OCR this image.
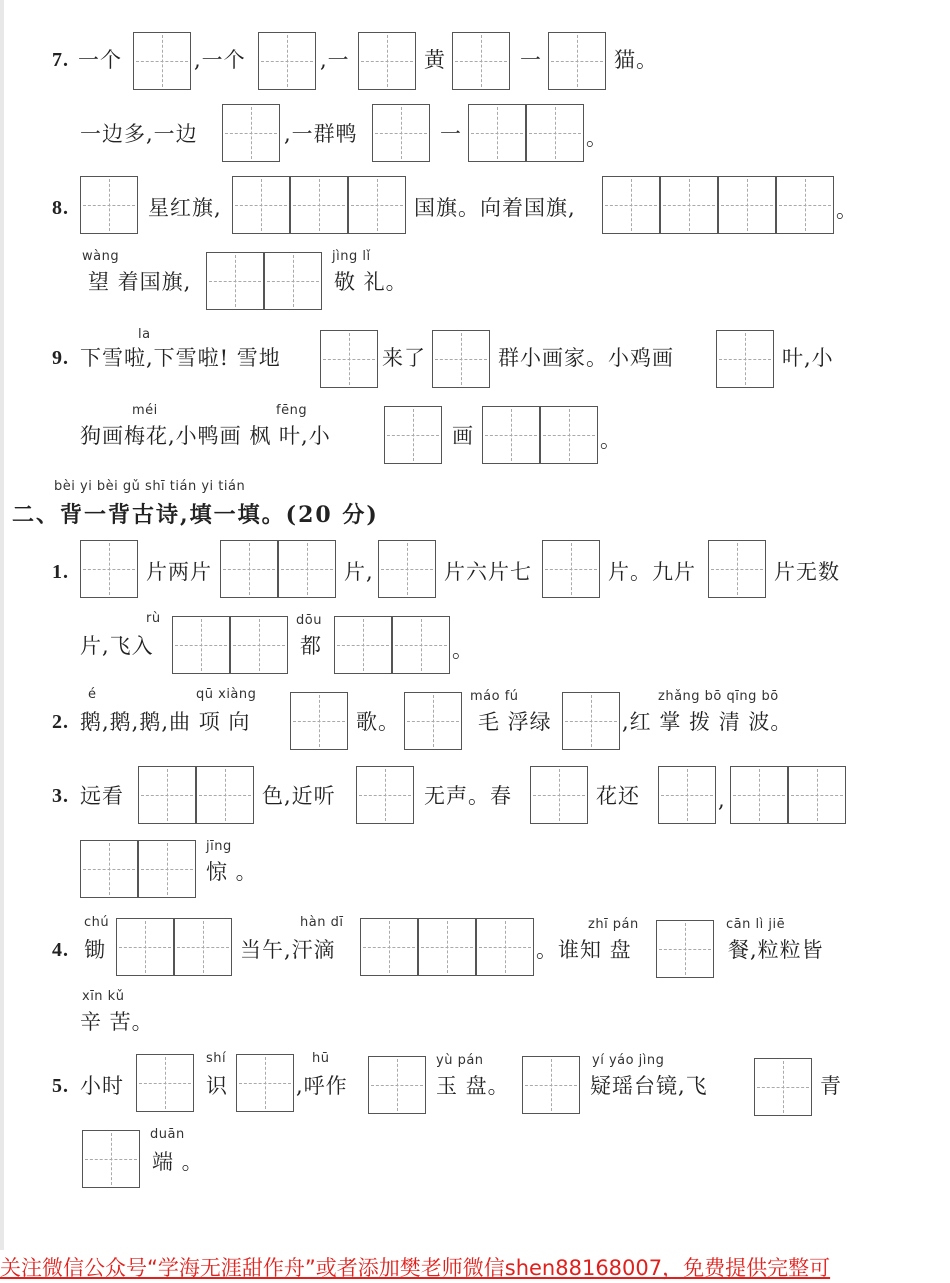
7. 一个	,一个	,一	黄	一	猫。
一边多,一边	,一群鸭	一	。
8.	星红旗,	国旗。向着国旗,	。
wàng
望 着国旗,
jìng lǐ
敬 礼。
la
9. 下雪啦,下雪啦! 雪地	来了	群小画家。小鸡画	叶,小
méi	fēng
狗画梅花,小鸭画 枫 叶,小	画	。
bèi yi bèi gǔ shī tián yi tián
二、背一背古诗,填一填。(20 分)
1.	片两片	片,	片六片七	片。九片	片无数
rù
片,飞入
dōu
都	。
é	qū xiàng
2. 鹅,鹅,鹅,曲 项 向	歌。
máo fú
毛 浮绿
zhǎng bō qīng bō
,红 掌 拨 清 波。
3. 远看	色,近听	无声。春	花还	,
jīng
惊 。
chú
4. 锄	当午,汗滴
hàn dī
。谁知 盘
zhī pán	cān lì jiē
餐,粒粒皆
xīn kǔ
辛 苦。
5. 小时
shí
识	,呼作
hū	yù pán
玉 盘。
yí yáo jìng
疑瑶台镜,飞	青
duān
端 。
关注微信公众号“学海无涯甜作舟”或者添加樊老师微信shen88168007，免费提供完整可
